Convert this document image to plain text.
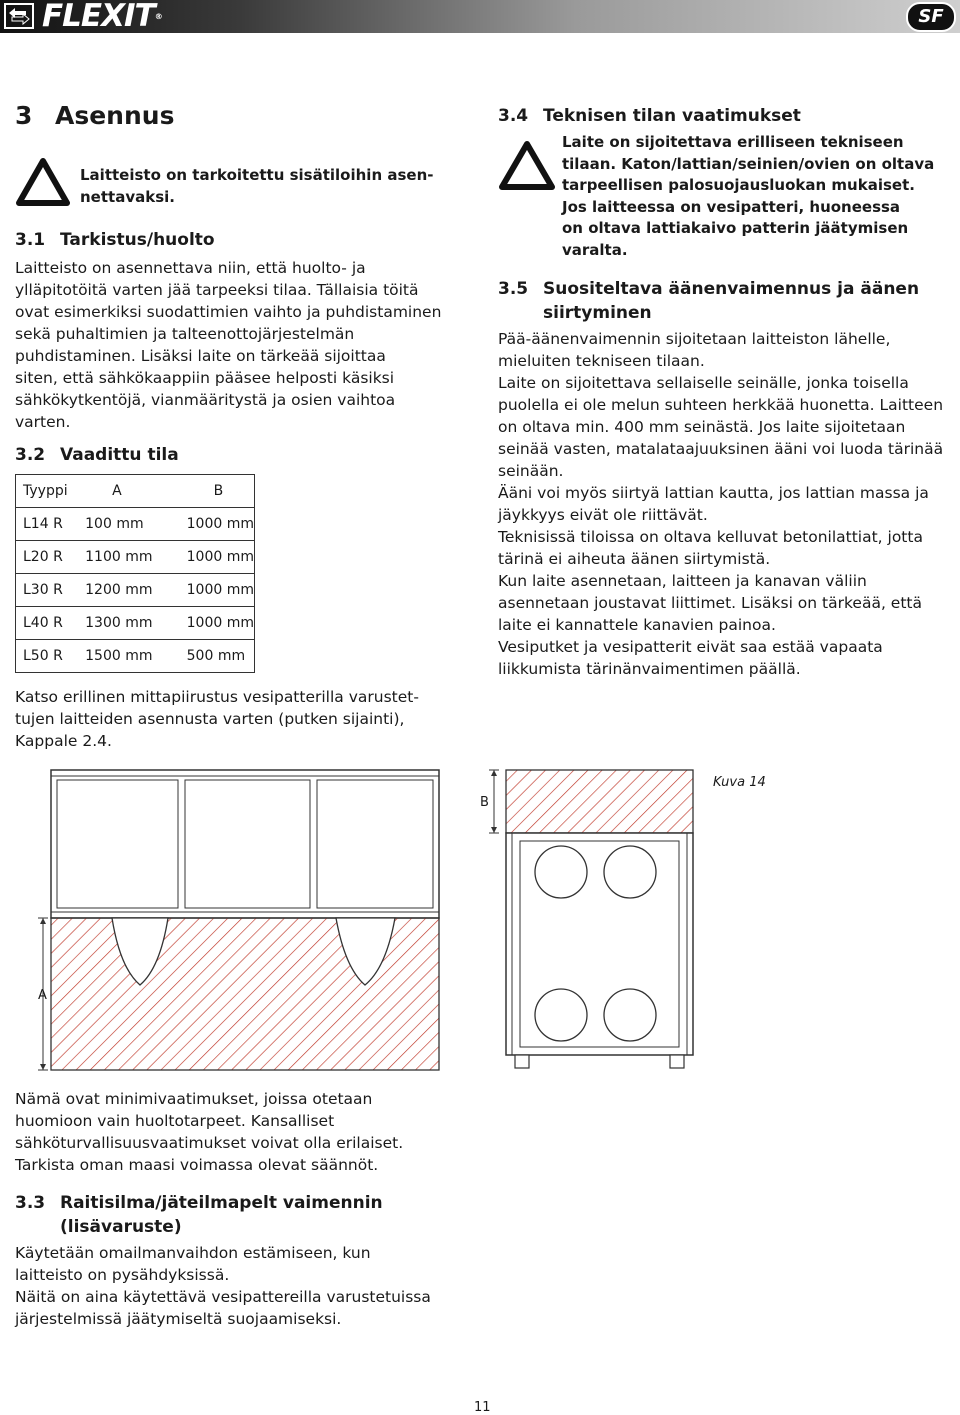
FLEXIT®	SF
3 Asennus
Laitteisto on tarkoitettu sisätiloihin asen-
nettavaksi.
3.1 Tarkistus/huolto
Laitteisto on asennettava niin, että huolto- ja
ylläpitotöitä varten jää tarpeeksi tilaa. Tällaisia töitä
ovat esimerkiksi suodattimien vaihto ja puhdistaminen
sekä puhaltimien ja talteenottojärjestelmän
puhdistaminen. Lisäksi laite on tärkeää sijoittaa
siten, että sähkökaappiin pääsee helposti käsiksi
sähkökytkentöjä, vianmääritystä ja osien vaihtoa
varten.
3.2 Vaadittu tila
Tyyppi	A	B
L14 R	100 mm	1000 mm
L20 R	1100 mm	1000 mm
L30 R	1200 mm	1000 mm
L40 R	1300 mm	1000 mm
L50 R	1500 mm	500 mm
Katso erillinen mittapiirustus vesipatterilla varustet-
tujen laitteiden asennusta varten (putken sijainti),
Kappale 2.4.
3.4 Teknisen tilan vaatimukset
Laite on sijoitettava erilliseen tekniseen
tilaan. Katon/lattian/seinien/ovien on oltava
tarpeellisen palosuojausluokan mukaiset.
Jos laitteessa on vesipatteri, huoneessa
on oltava lattiakaivo patterin jäätymisen
varalta.
3.5 Suositeltava äänenvaimennus ja äänen
siirtyminen
Pää-äänenvaimennin sijoitetaan laitteiston lähelle,
mieluiten tekniseen tilaan.
Laite on sijoitettava sellaiselle seinälle, jonka toisella
puolella ei ole melun suhteen herkkää huonetta. Laitteen
on oltava min. 400 mm seinästä. Jos laite sijoitetaan
seinää vasten, matalataajuuksinen ääni voi luoda tärinää
seinään.
Ääni voi myös siirtyä lattian kautta, jos lattian massa ja
jäykkyys eivät ole riittävät.
Teknisissä tiloissa on oltava kelluvat betonilattiat, jotta
tärinä ei aiheuta äänen siirtymistä.
Kun laite asennetaan, laitteen ja kanavan väliin
asennetaan joustavat liittimet. Lisäksi on tärkeää, että
laite ei kannattele kanavien painoa.
Vesiputket ja vesipatterit eivät saa estää vapaata
liikkumista tärinänvaimentimen päällä.
B
A
Kuva 14
Nämä ovat minimivaatimukset, joissa otetaan
huomioon vain huoltotarpeet. Kansalliset
sähköturvallisuusvaatimukset voivat olla erilaiset.
Tarkista oman maasi voimassa olevat säännöt.
3.3 Raitisilma/jäteilmapelt vaimennin
(lisävaruste)
Käytetään omailmanvaihdon estämiseen, kun
laitteisto on pysähdyksissä.
Näitä on aina käytettävä vesipattereilla varustetuissa
järjestelmissä jäätymiseltä suojaamiseksi.
11
